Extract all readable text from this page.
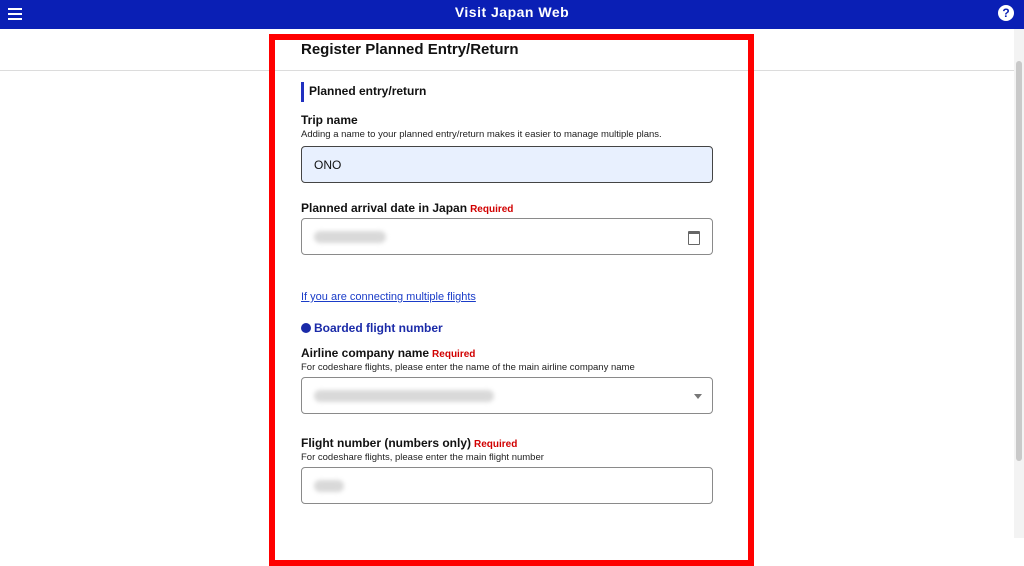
Visit Japan Web	?
Register Planned Entry/Return
Planned entry/return
Trip name
Adding a name to your planned entry/return makes it easier to manage multiple plans.
ONO
Planned arrival date in Japan Required
If you are connecting multiple flights
Boarded flight number
Airline company name Required
For codeshare flights, please enter the name of the main airline company name
Flight number (numbers only) Required
For codeshare flights, please enter the main flight number
